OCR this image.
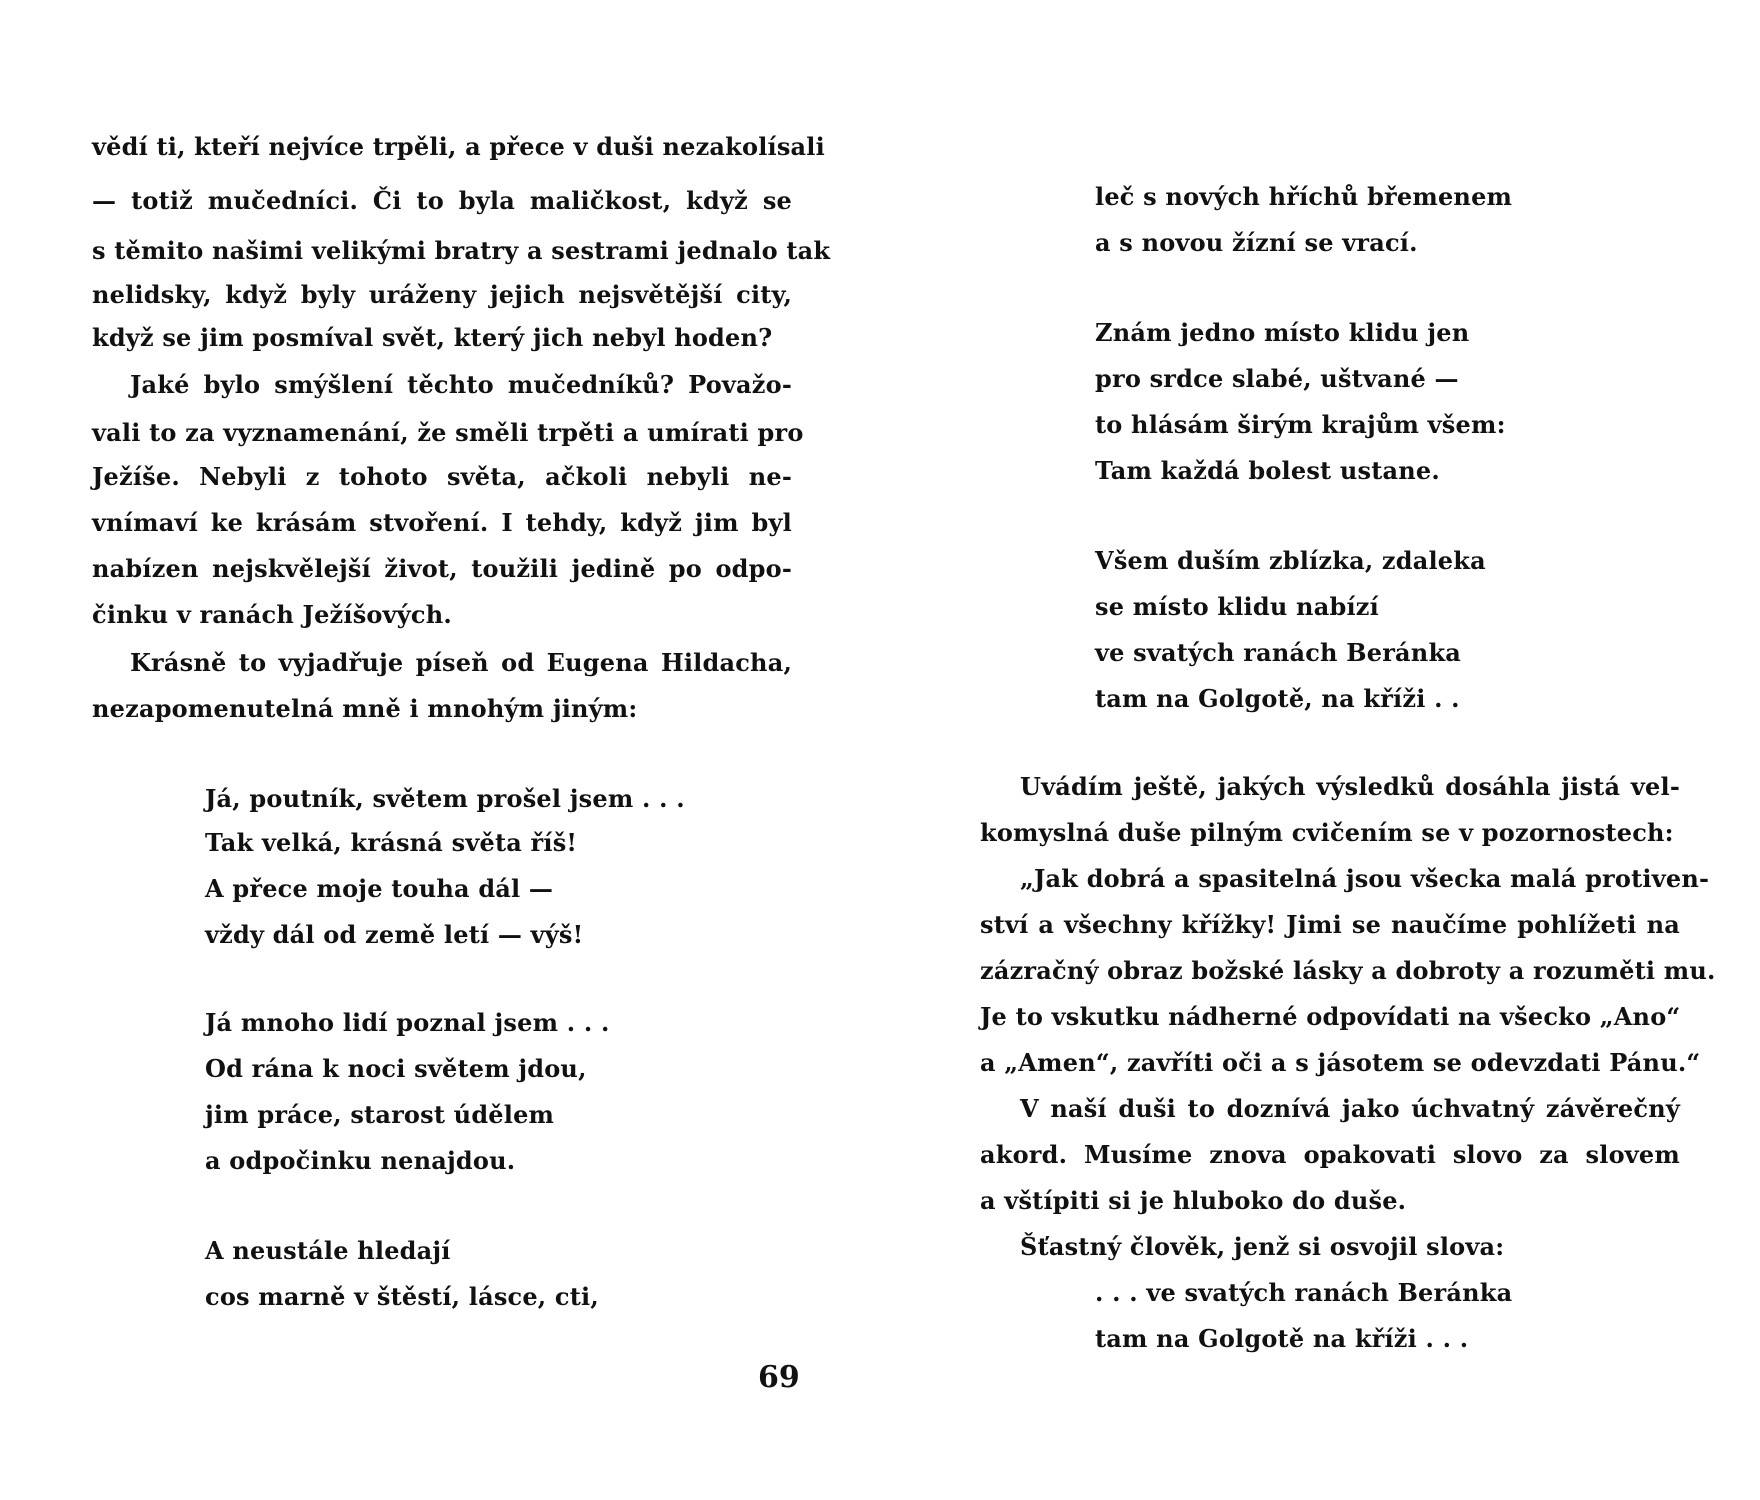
vědí ti, kteří nejvíce trpěli, a přece v duši nezakolísali
— totiž mučedníci. Či to byla maličkost, když se
s těmito našimi velikými bratry a sestrami jednalo tak
nelidsky, když byly uráženy jejich nejsvětější city,
když se jim posmíval svět, který jich nebyl hoden?
Jaké bylo smýšlení těchto mučedníků? Považo-
vali to za vyznamenání, že směli trpěti a umírati pro
Ježíše. Nebyli z tohoto světa, ačkoli nebyli ne-
vnímaví ke krásám stvoření. I tehdy, když jim byl
nabízen nejskvělejší život, toužili jedině po odpo-
činku v ranách Ježíšových.
Krásně to vyjadřuje píseň od Eugena Hildacha,
nezapomenutelná mně i mnohým jiným:
Já, poutník, světem prošel jsem . . .
Tak velká, krásná světa říš!
A přece moje touha dál —
vždy dál od země letí — výš!
Já mnoho lidí poznal jsem . . .
Od rána k noci světem jdou,
jim práce, starost údělem
a odpočinku nenajdou.
A neustále hledají
cos marně v štěstí, lásce, cti,
69
leč s nových hříchů břemenem
a s novou žízní se vrací.
Znám jedno místo klidu jen
pro srdce slabé, uštvané —
to hlásám širým krajům všem:
Tam každá bolest ustane.
Všem duším zblízka, zdaleka
se místo klidu nabízí
ve svatých ranách Beránka
tam na Golgotě, na kříži . .
Uvádím ještě, jakých výsledků dosáhla jistá vel-
komyslná duše pilným cvičením se v pozornostech:
„Jak dobrá a spasitelná jsou všecka malá protiven-
ství a všechny křížky! Jimi se naučíme pohlížeti na
zázračný obraz božské lásky a dobroty a rozuměti mu.
Je to vskutku nádherné odpovídati na všecko „Ano“
a „Amen“, zavříti oči a s jásotem se odevzdati Pánu.“
V naší duši to doznívá jako úchvatný závěrečný
akord. Musíme znova opakovati slovo za slovem
a vštípiti si je hluboko do duše.
Šťastný člověk, jenž si osvojil slova:
. . . ve svatých ranách Beránka
tam na Golgotě na kříži . . .
